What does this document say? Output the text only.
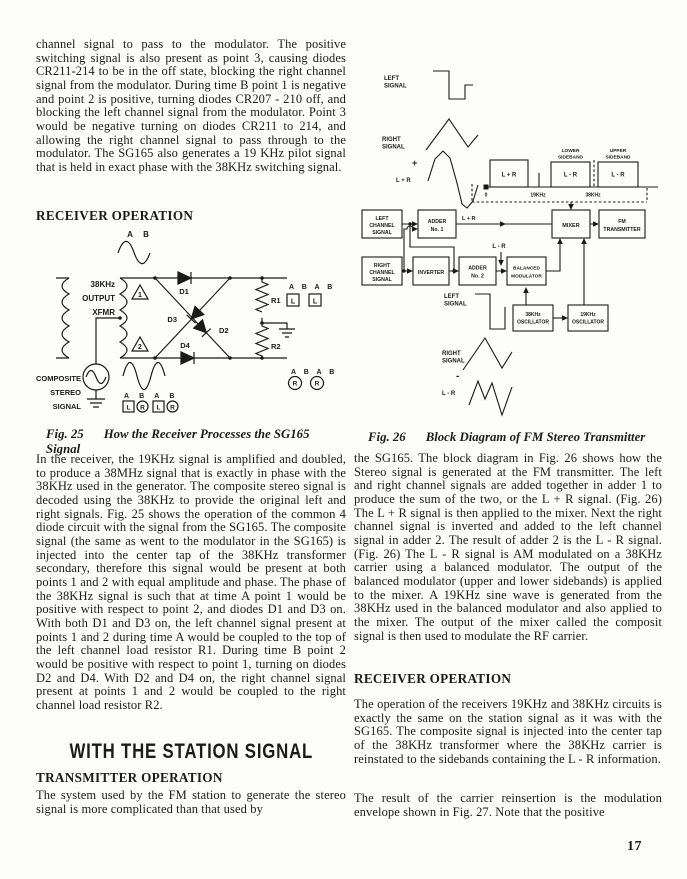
channel signal to pass to the modulator. The positive switching signal is also present as point 3, causing diodes CR211-214 to be in the off state, blocking the right channel signal from the modulator. During time B point 1 is negative and point 2 is positive, turning diodes CR207 - 210 off, and blocking the left channel signal from the modulator. Point 3 would be negative turning on diodes CR211 to 214, and allowing the right channel signal to pass through to the modulator. The SG165 also generates a 19 KHz pilot signal that is held in exact phase with the 38KHz switching signal.

RECEIVER OPERATION
A B
38KHz
OUTPUT
XFMR
1
2
D1
D4
D3
D2
R1
R2
COMPOSITE
STEREO
SIGNAL
A B A B
L	L
A B A B
R	R
A B A B
L R L R

Fig. 25 How the Receiver Processes the SG165 Signal

In the receiver, the 19KHz signal is amplified and doubled, to produce a 38MHz signal that is exactly in phase with the 38KHz used in the generator. The composite stereo signal is decoded using the 38KHz to provide the original left and right signals. Fig. 25 shows the operation of the common 4 diode circuit with the signal from the SG165. The composite signal (the same as went to the modulator in the SG165) is injected into the center tap of the 38KHz transformer secondary, therefore this signal would be present at both points 1 and 2 with equal amplitude and phase. The phase of the 38KHz signal is such that at time A point 1 would be positive with respect to point 2, and diodes D1 and D3 on. With both D1 and D3 on, the left channel signal present at points 1 and 2 during time A would be coupled to the top of the left channel load resistor R1. During time B point 2 would be positive with respect to point 1, turning on diodes D2 and D4. With D2 and D4 on, the right channel signal present at points 1 and 2 would be coupled to the right channel load resistor R2.

WITH THE STATION SIGNAL
TRANSMITTER OPERATION

The system used by the FM station to generate the stereo signal is more complicated than that used by

LEFT
SIGNAL
RIGHT
SIGNAL
+
L + R
0	19KHz	38KHz
L + R	L - R	L - R
LOWER
SIDEBAND
UPPER
SIDEBAND
LEFT
CHANNEL
SIGNAL
ADDER
No. 1
L + R
MIXER
FM
TRANSMITTER
RIGHT
CHANNEL
SIGNAL
INVERTER
ADDER
No. 2
BALANCED
MODULATOR
L - R
38KHz
OSCILLATOR
19KHz
OSCILLATOR
LEFT
SIGNAL
RIGHT
SIGNAL
-
L - R

Fig. 26 Block Diagram of FM Stereo Transmitter

the SG165. The block diagram in Fig. 26 shows how the Stereo signal is generated at the FM transmitter. The left and right channel signals are added together in adder 1 to produce the sum of the two, or the L + R signal. (Fig. 26) The L + R signal is then applied to the mixer. Next the right channel signal is inverted and added to the left channel signal in adder 2. The result of adder 2 is the L - R signal. (Fig. 26) The L - R signal is AM modulated on a 38KHz carrier using a balanced modulator. The output of the balanced modulator (upper and lower sidebands) is applied to the mixer. A 19KHz sine wave is generated from the 38KHz used in the balanced modulator and also applied to the mixer. The output of the mixer called the composit signal is then used to modulate the RF carrier.

RECEIVER OPERATION

The operation of the receivers 19KHz and 38KHz circuits is exactly the same on the station signal as it was with the SG165. The composite signal is injected into the center tap of the 38KHz transformer where the 38KHz carrier is reinstated to the sidebands containing the L - R information.

The result of the carrier reinsertion is the modulation envelope shown in Fig. 27. Note that the positive

17
